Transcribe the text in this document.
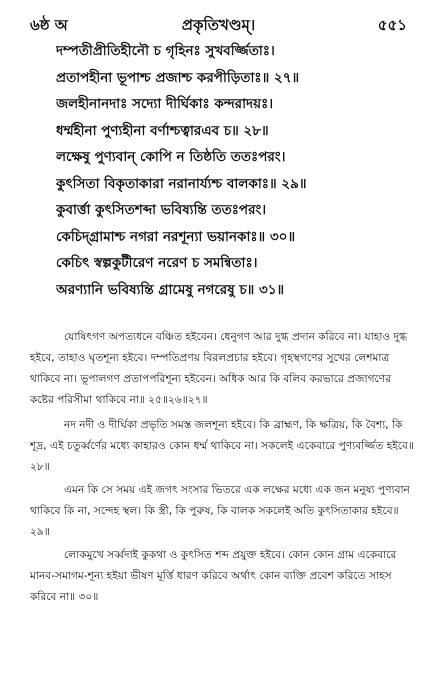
৬ষ্ঠ অ	প্রকৃতিখণ্ডম্।	৫৫১
দম্পতীপ্রীতিহীনৌ চ গৃহিনঃ সুখবর্জ্জিতাঃ।
প্রতাপহীনা ভূপাশ্চ প্রজাশ্চ করপীড়িতাঃ॥ ২৭॥
জলহীনানদাঃ সদ্যো দীর্ঘিকাঃ কন্দরাদয়ঃ।
ধর্ম্মহীনা পুণ্যহীনা বর্ণাশ্চত্বারএব চ॥ ২৮॥
লক্ষেষু পুণ্যবান্ কোপি ন তিষ্ঠতি ততঃপরং।
কুৎসিতা বিকৃতাকারা নরানার্য্যশ্চ বালকাঃ॥ ২৯॥
কুবার্ত্তা কুৎসিতশব্দা ভবিষ্যন্তি ততঃপরং।
কেচিদ্গ্রামাশ্চ নগরা নরশূন্যা ভয়ানকাঃ॥ ৩০॥
কেচিৎ স্বল্পকুটীরেণ নরেণ চ সমন্বিতাঃ।
অরণ্যানি ভবিষ্যন্তি গ্রামেষু নগরেষু চ॥ ৩১॥

যোষিৎগণ অপত্যধনে বঞ্চিত হইবেন। ধেনুগণ আর দুগ্ধ প্রদান করিবে না। যাহাও দুগ্ধ হইবে, তাহাও ঘৃতশূন্য হইবে। দম্পতিপ্রণয় বিরলপ্রচার হইবে। গৃহস্থগণের সুখের লেশমাত্র থাকিবে না। ভূপালগণ প্রতাপপরিশূন্য হইবেন। অধিক আর কি বলিব করভারে প্রজাগণের কষ্টের পরিসীমা থাকিবে না॥ ২৫॥২৬॥২৭॥

নদ নদী ও দীর্ঘিকা প্রভৃতি সমস্ত জলশূন্য হইবে। কি ব্রাহ্মণ, কি ক্ষত্রিয়, কি বৈশ্য, কি শূদ্র, এই চতুর্ব্বর্ণের মধ্যে কাহারও কোন ধর্ম্ম থাকিবে না। সকলেই একেবারে পুণ্যবর্জ্জিত হইবে॥ ২৮॥

এমন কি সে সময় এই জগৎ সংসার ভিতরে এক লক্ষের মধ্যে এক জন মনুষ্য পুণ্যবান থাকিবে কি না, সন্দেহ স্থল। কি স্ত্রী, কি পুরুষ, কি বালক সকলেই অতি কুৎসিতাকার হইবে॥ ২৯॥

লোকমুখে সর্ব্বদাই কুকথা ও কুৎসিত শব্দ প্রযুক্ত হইবে। কোন কোন গ্রাম একেবারে মানব-সমাগম-শূন্য হইয়া ভীষণ মূর্ত্তি ধারণ করিবে অর্থাৎ কোন ব্যক্তি প্রবেশ করিতে সাহস করিবে না॥ ৩০॥
